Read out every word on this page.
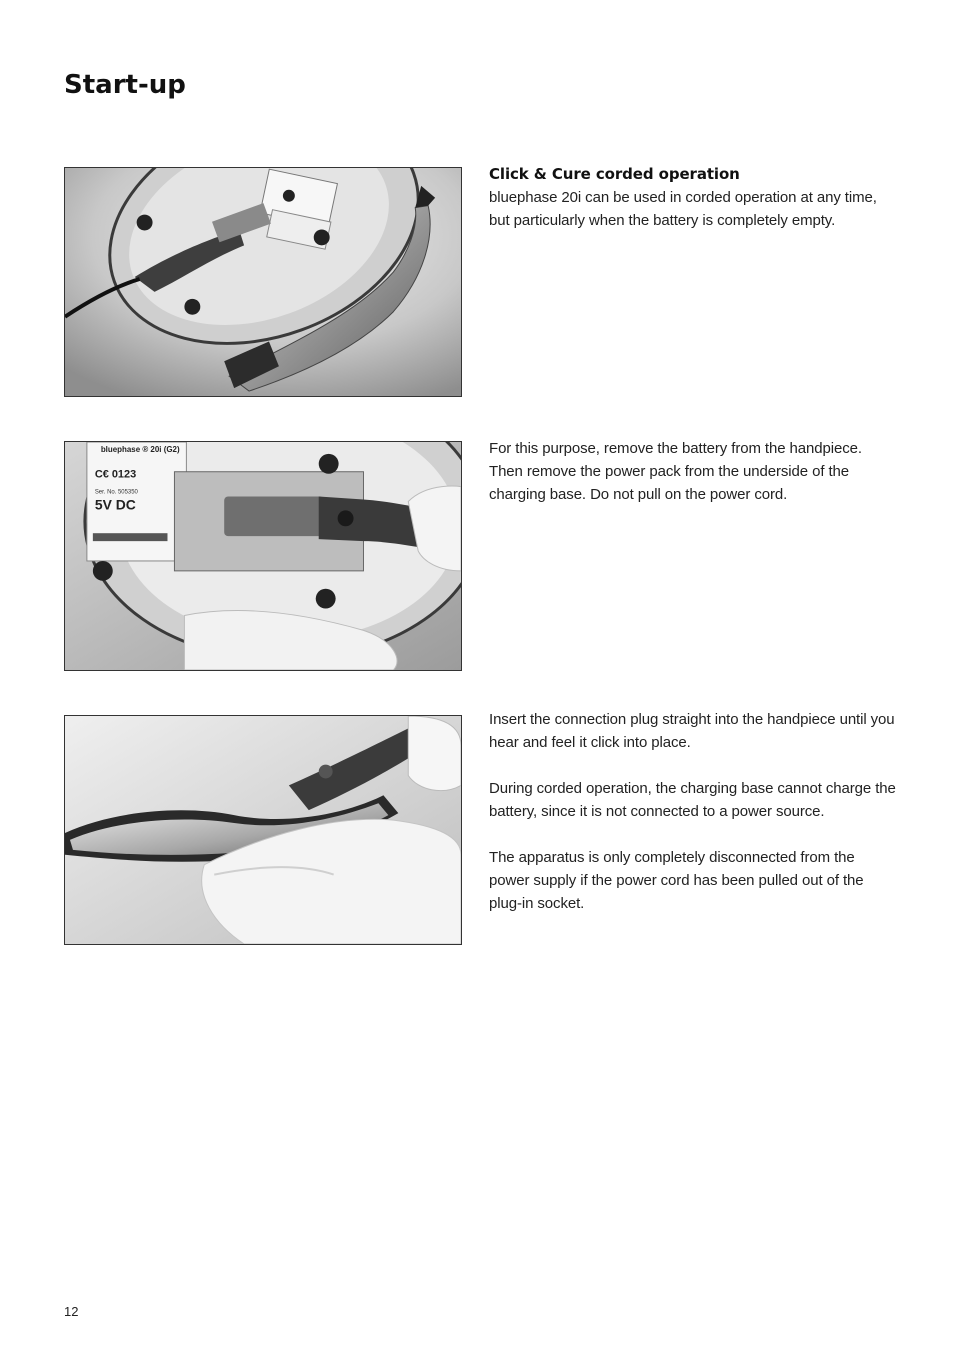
Start-up
Click & Cure corded operation

bluephase 20i can be used in corded operation at any time, but particularly when the battery is completely empty.

bluephase ® 20i (G2)
C€ 0123
Ser. No. 505350
5V DC

For this purpose, remove the battery from the handpiece. Then remove the power pack from the underside of the charging base. Do not pull on the power cord.

Insert the connection plug straight into the handpiece until you hear and feel it click into place.

During corded operation, the charging base cannot charge the battery, since it is not connected to a power source.

The apparatus is only completely disconnected from the power supply if the power cord has been pulled out of the plug-in socket.

12
